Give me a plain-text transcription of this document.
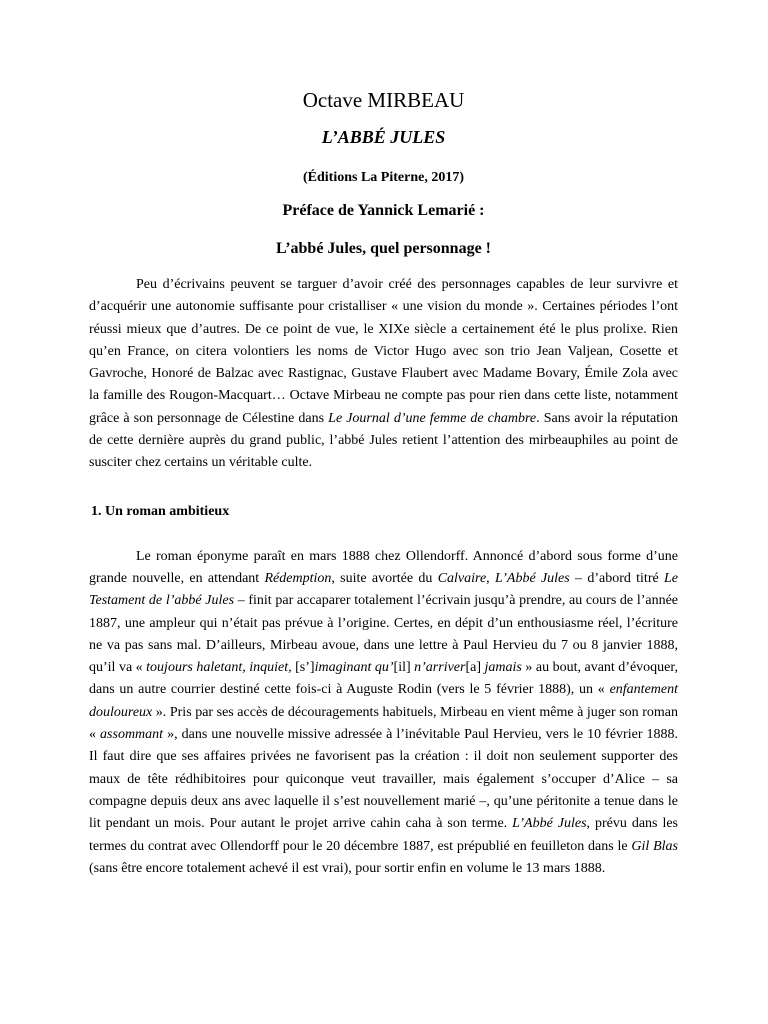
Octave MIRBEAU
L’ABBÉ JULES
(Éditions La Piterne, 2017)
Préface de Yannick Lemarié :
L’abbé Jules, quel personnage !

Peu d’écrivains peuvent se targuer d’avoir créé des personnages capables de leur survivre et d’acquérir une autonomie suffisante pour cristalliser « une vision du monde ». Certaines périodes l’ont réussi mieux que d’autres. De ce point de vue, le XIXe siècle a certainement été le plus prolixe. Rien qu’en France, on citera volontiers les noms de Victor Hugo avec son trio Jean Valjean, Cosette et Gavroche, Honoré de Balzac avec Rastignac, Gustave Flaubert avec Madame Bovary, Émile Zola avec la famille des Rougon-Macquart… Octave Mirbeau ne compte pas pour rien dans cette liste, notamment grâce à son personnage de Célestine dans Le Journal d’une femme de chambre. Sans avoir la réputation de cette dernière auprès du grand public, l’abbé Jules retient l’attention des mirbeauphiles au point de susciter chez certains un véritable culte.

1. Un roman ambitieux

Le roman éponyme paraît en mars 1888 chez Ollendorff. Annoncé d’abord sous forme d’une grande nouvelle, en attendant Rédemption, suite avortée du Calvaire, L’Abbé Jules – d’abord titré Le Testament de l’abbé Jules – finit par accaparer totalement l’écrivain jusqu’à prendre, au cours de l’année 1887, une ampleur qui n’était pas prévue à l’origine. Certes, en dépit d’un enthousiasme réel, l’écriture ne va pas sans mal. D’ailleurs, Mirbeau avoue, dans une lettre à Paul Hervieu du 7 ou 8 janvier 1888, qu’il va « toujours haletant, inquiet, [s’]imaginant qu’[il] n’arriver[a] jamais » au bout, avant d’évoquer, dans un autre courrier destiné cette fois-ci à Auguste Rodin (vers le 5 février 1888), un « enfantement douloureux ». Pris par ses accès de découragements habituels, Mirbeau en vient même à juger son roman « assommant », dans une nouvelle missive adressée à l’inévitable Paul Hervieu, vers le 10 février 1888. Il faut dire que ses affaires privées ne favorisent pas la création : il doit non seulement supporter des maux de tête rédhibitoires pour quiconque veut travailler, mais également s’occuper d’Alice – sa compagne depuis deux ans avec laquelle il s’est nouvellement marié –, qu’une péritonite a tenue dans le lit pendant un mois. Pour autant le projet arrive cahin caha à son terme. L’Abbé Jules, prévu dans les termes du contrat avec Ollendorff pour le 20 décembre 1887, est prépublié en feuilleton dans le Gil Blas (sans être encore totalement achevé il est vrai), pour sortir enfin en volume le 13 mars 1888.
